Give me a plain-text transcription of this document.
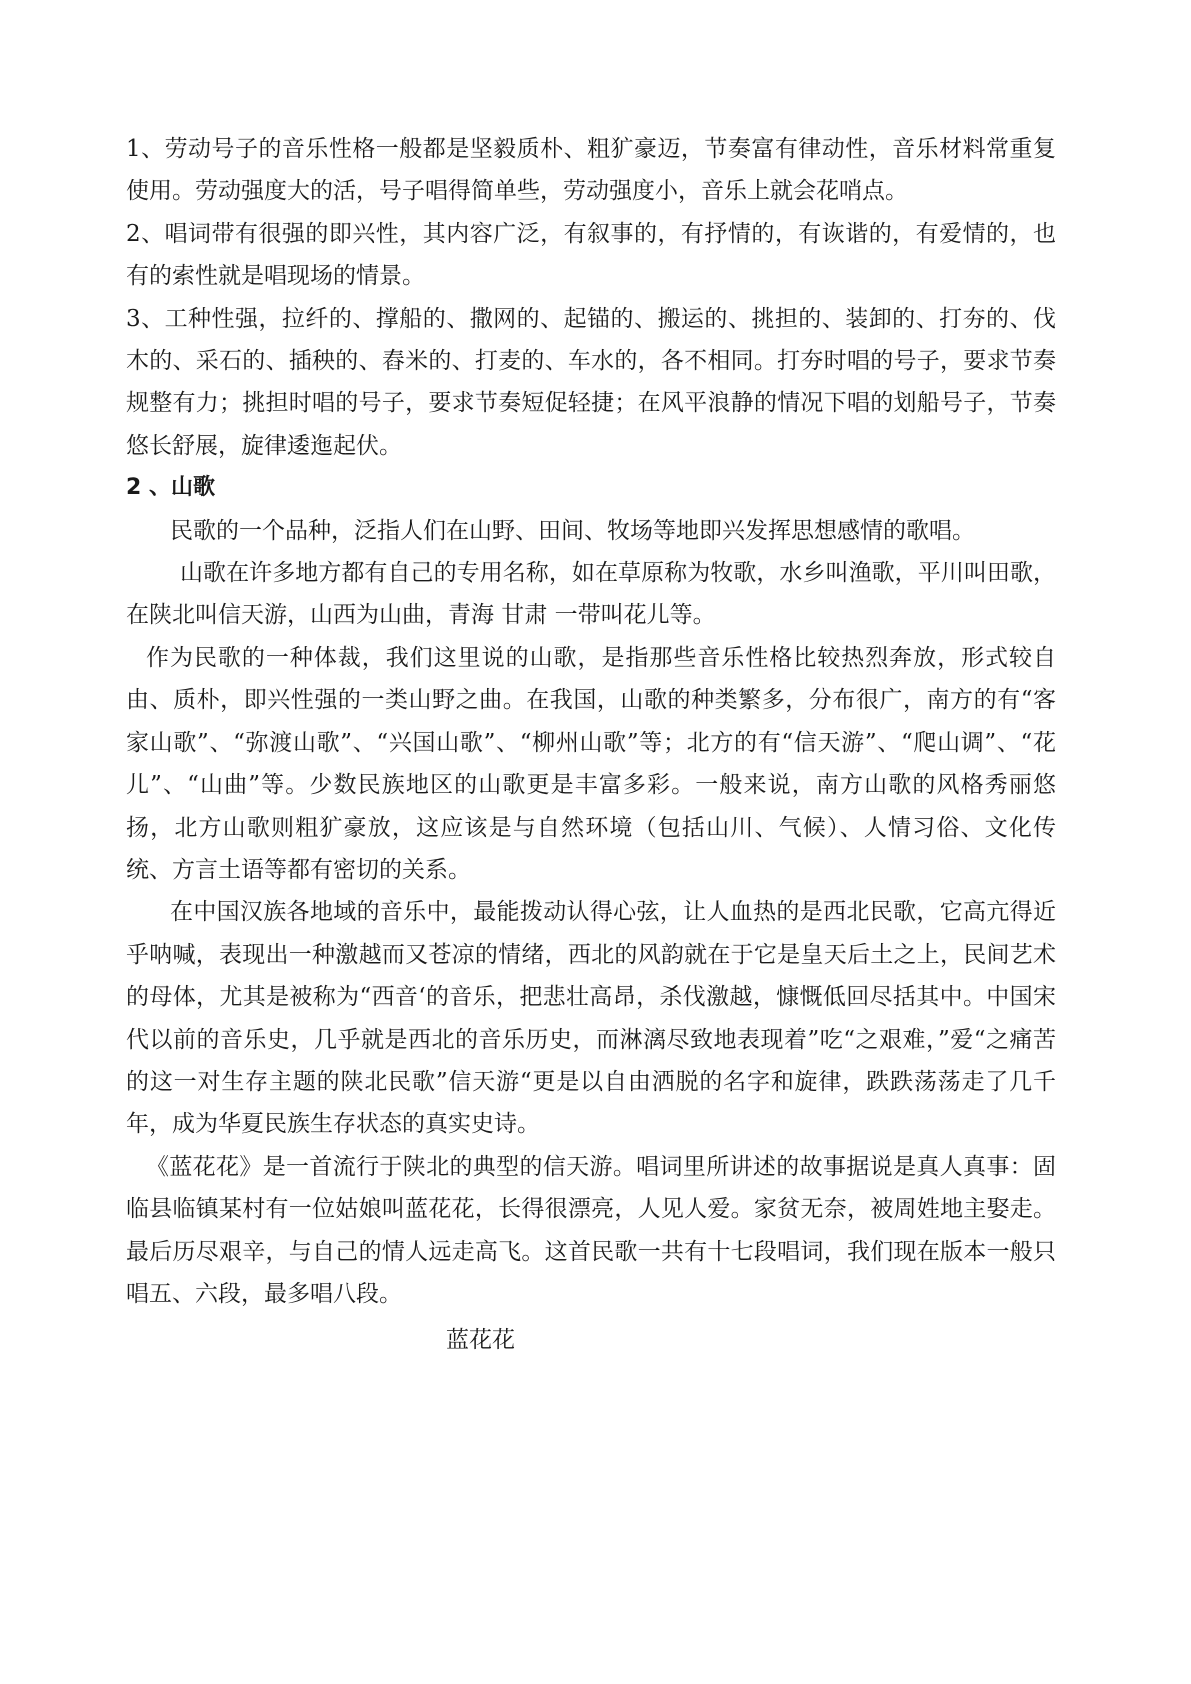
1、劳动号子的音乐性格一般都是坚毅质朴、粗犷豪迈，节奏富有律动性，音乐材料常重复使用。劳动强度大的活，号子唱得简单些，劳动强度小，音乐上就会花哨点。

2、唱词带有很强的即兴性，其内容广泛，有叙事的，有抒情的，有诙谐的，有爱情的，也有的索性就是唱现场的情景。

3、工种性强，拉纤的、撑船的、撒网的、起锚的、搬运的、挑担的、装卸的、打夯的、伐木的、采石的、插秧的、舂米的、打麦的、车水的，各不相同。打夯时唱的号子，要求节奏规整有力；挑担时唱的号子，要求节奏短促轻捷；在风平浪静的情况下唱的划船号子，节奏悠长舒展，旋律逶迤起伏。

2 、山歌

民歌的一个品种，泛指人们在山野、田间、牧场等地即兴发挥思想感情的歌唱。

山歌在许多地方都有自己的专用名称，如在草原称为牧歌，水乡叫渔歌，平川叫田歌，在陕北叫信天游，山西为山曲，青海 甘肃 一带叫花儿等。

作为民歌的一种体裁，我们这里说的山歌，是指那些音乐性格比较热烈奔放，形式较自由、质朴，即兴性强的一类山野之曲。在我国，山歌的种类繁多，分布很广，南方的有“客家山歌”、“弥渡山歌”、“兴国山歌”、“柳州山歌”等；北方的有“信天游”、“爬山调”、“花儿”、“山曲”等。少数民族地区的山歌更是丰富多彩。一般来说，南方山歌的风格秀丽悠扬，北方山歌则粗犷豪放，这应该是与自然环境（包括山川、气候）、人情习俗、文化传统、方言土语等都有密切的关系。

在中国汉族各地域的音乐中，最能拨动认得心弦，让人血热的是西北民歌，它高亢得近乎呐喊，表现出一种激越而又苍凉的情绪，西北的风韵就在于它是皇天后土之上，民间艺术的母体，尤其是被称为“西音‘的音乐，把悲壮高昂，杀伐激越，慷慨低回尽括其中。中国宋代以前的音乐史，几乎就是西北的音乐历史，而淋漓尽致地表现着”吃“之艰难，”爱“之痛苦的这一对生存主题的陕北民歌”信天游“更是以自由洒脱的名字和旋律，跌跌荡荡走了几千年，成为华夏民族生存状态的真实史诗。

《蓝花花》是一首流行于陕北的典型的信天游。唱词里所讲述的故事据说是真人真事：固临县临镇某村有一位姑娘叫蓝花花，长得很漂亮，人见人爱。家贫无奈，被周姓地主娶走。最后历尽艰辛，与自己的情人远走高飞。这首民歌一共有十七段唱词，我们现在版本一般只唱五、六段，最多唱八段。

蓝花花
